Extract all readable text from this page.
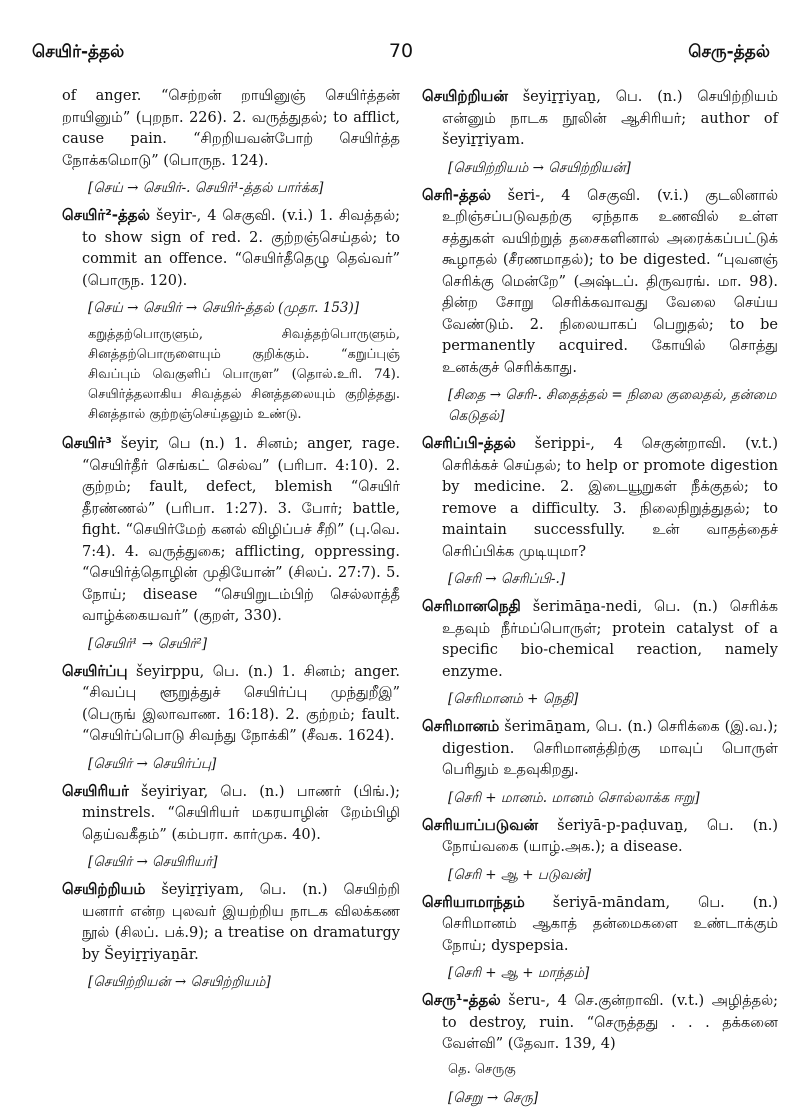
செயிர்-த்தல்	70	செரு-த்தல்

of anger. “செற்றன் றாயினுஞ் செயிர்த்தன் றாயினும்” (புறநா. 226). 2. வருத்துதல்; to afflict, cause pain. “சிறறியவன்போற் செயிர்த்த நோக்கமொடு” (பொருந. 124).

[செய் → செயிர்-. செயிர்¹-த்தல் பார்க்க]

செயிர்²-த்தல் šeyir-, 4 செகுவி. (v.i.) 1. சிவத்தல்; to show sign of red. 2. குற்றஞ்செய்தல்; to commit an offence. “செயிர்தீதெழு தெவ்வர்” (பொருந. 120).

[செய் → செயிர் → செயிர்-த்தல் (முதா. 153)]

கறுத்தற்பொருளும், சிவத்தற்பொருளும், சினத்தற்பொருளையும் குறிக்கும். “கறுப்புஞ் சிவப்பும் வெகுளிப் பொருள” (தொல்.உரி. 74). செயிர்த்தலாகிய சிவத்தல் சினத்தலையும் குறித்தது. சினத்தால் குற்றஞ்செய்தலும் உண்டு.

செயிர்³ šeyir, பெ (n.) 1. சினம்; anger, rage. “செயிர்தீர் செங்கட் செல்வ” (பரிபா. 4:10). 2. குற்றம்; fault, defect, blemish “செயிர் தீரண்ணல்” (பரிபா. 1:27). 3. போர்; battle, fight. “செயிர்மேற் கனல் விழிப்பச் சீறி” (பு.வெ. 7:4). 4. வருத்துகை; afflicting, oppressing. “செயிர்த்தொழின் முதியோன்” (சிலப். 27:7). 5. நோய்; disease “செயிறுடம்பிற் செல்லாத்தீ வாழ்க்கையவர்” (குறள், 330).

[செயிர்¹ → செயிர்²]

செயிர்ப்பு šeyirppu, பெ. (n.) 1. சினம்; anger. “சிவப்பு ளூறுத்துச் செயிர்ப்பு முந்துறீஇ” (பெருங் இலாவாண. 16:18). 2. குற்றம்; fault. “செயிர்ப்பொடு சிவந்து நோக்கி” (சீவக. 1624).

[செயிர் → செயிர்ப்பு]

செயிரியர் šeyiriyar, பெ. (n.) பாணர் (பிங்.); minstrels. “செயிரியர் மகரயாழின் றேம்பிழி தெய்வகீதம்” (கம்பரா. கார்முக. 40).

[செயிர் → செயிரியர்]

செயிற்றியம் šeyiṟṟiyam, பெ. (n.) செயிற்றி யனார் என்ற புலவர் இயற்றிய நாடக விலக்கண நூல் (சிலப். பக்.9); a treatise on dramaturgy by Šeyiṟṟiyaṉār.

[செயிற்றியன் → செயிற்றியம்]

செயிற்றியன் šeyiṟṟiyaṉ, பெ. (n.) செயிற்றியம் என்னும் நாடக நூலின் ஆசிரியர்; author of šeyiṟṟiyam.

[செயிற்றியம் → செயிற்றியன்]

செரி-த்தல் šeri-, 4 செகுவி. (v.i.) குடலினால் உறிஞ்சப்படுவதற்கு ஏந்தாக உணவில் உள்ள சத்துகள் வயிற்றுத் தசைகளினால் அரைக்கப்பட்டுக் கூழாதல் (சீரணமாதல்); to be digested. “புவனஞ் செரிக்கு மென்றே” (அஷ்டப். திருவரங். மா. 98). தின்ற சோறு செரிக்கவாவது வேலை செய்ய வேண்டும். 2. நிலையாகப் பெறுதல்; to be permanently acquired. கோயில் சொத்து உனக்குச் செரிக்காது.

[சிதை → செரி-. சிதைத்தல் = நிலை குலைதல், தன்மை கெடுதல்]

செரிப்பி-த்தல் šerippi-, 4 செகுன்றாவி. (v.t.) செரிக்கச் செய்தல்; to help or promote digestion by medicine. 2. இடையூறுகள் நீக்குதல்; to remove a difficulty. 3. நிலைநிறுத்துதல்; to maintain successfully. உன் வாதத்தைச் செரிப்பிக்க முடியுமா?

[செரி → செரிப்பி-.]

செரிமானநெதி šerimāṉa-nedi, பெ. (n.) செரிக்க உதவும் நீர்மப்பொருள்; protein catalyst of a specific bio-chemical reaction, namely enzyme.

[செரிமானம் + நெதி]

செரிமானம் šerimāṉam, பெ. (n.) செரிக்கை (இ.வ.); digestion. செரிமானத்திற்கு மாவுப் பொருள் பெரிதும் உதவுகிறது.

[செரி + மானம். மானம் சொல்லாக்க ஈறு]

செரியாப்படுவன் šeriyā-p-paḍuvaṉ, பெ. (n.) நோய்வகை (யாழ்.அக.); a disease.

[செரி + ஆ + படுவன்]

செரியாமாந்தம் šeriyā-māndam, பெ. (n.) செரிமானம் ஆகாத் தன்மைகளை உண்டாக்கும் நோய்; dyspepsia.

[செரி + ஆ + மாந்தம்]

செரு¹-த்தல் šeru-, 4 செ.குன்றாவி. (v.t.) அழித்தல்; to destroy, ruin. “செருத்தது . . . தக்கனை வேள்வி” (தேவா. 139, 4)

தெ. செருகு

[செறு → செரு]
